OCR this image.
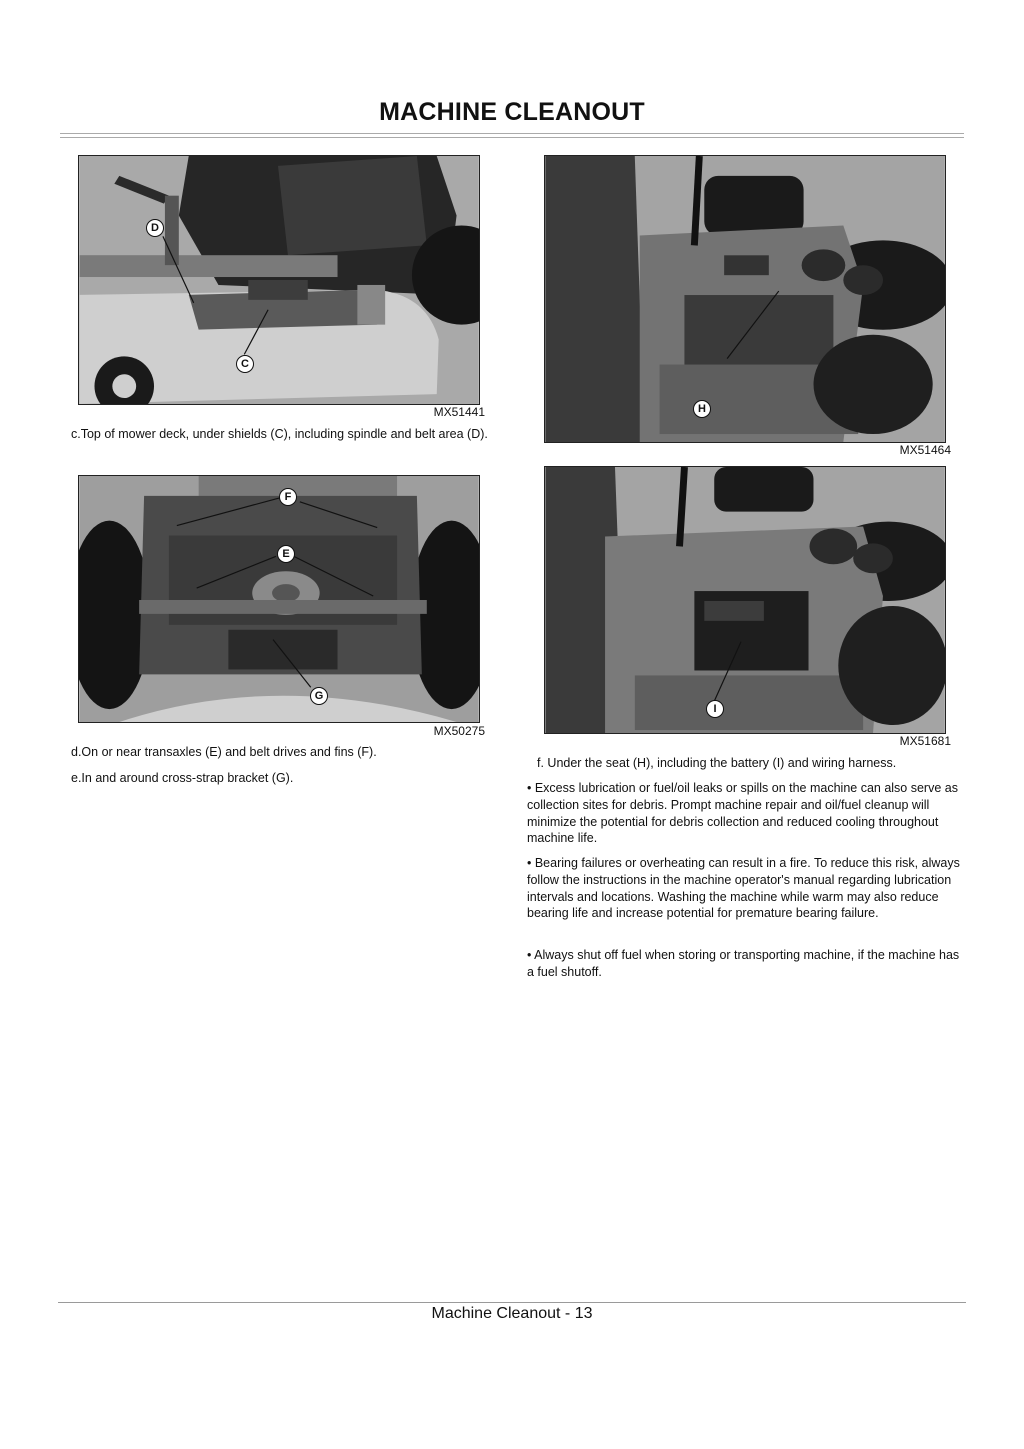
MACHINE CLEANOUT
D
C
MX51441
c.Top of mower deck, under shields (C), including spindle and belt area (D).
F
E
G
MX50275
d.On or near transaxles (E) and belt drives and fins (F).
e.In and around cross-strap bracket (G).
H
MX51464
I
MX51681
f. Under the seat (H), including the battery (I) and wiring harness.
• Excess lubrication or fuel/oil leaks or spills on the machine can also serve as collection sites for debris. Prompt machine repair and oil/fuel cleanup will minimize the potential for debris collection and reduced cooling throughout machine life.
• Bearing failures or overheating can result in a fire. To reduce this risk, always follow the instructions in the machine operator's manual regarding lubrication intervals and locations. Washing the machine while warm may also reduce bearing life and increase potential for premature bearing failure.
• Always shut off fuel when storing or transporting machine, if the machine has a fuel shutoff.
Machine Cleanout - 13
